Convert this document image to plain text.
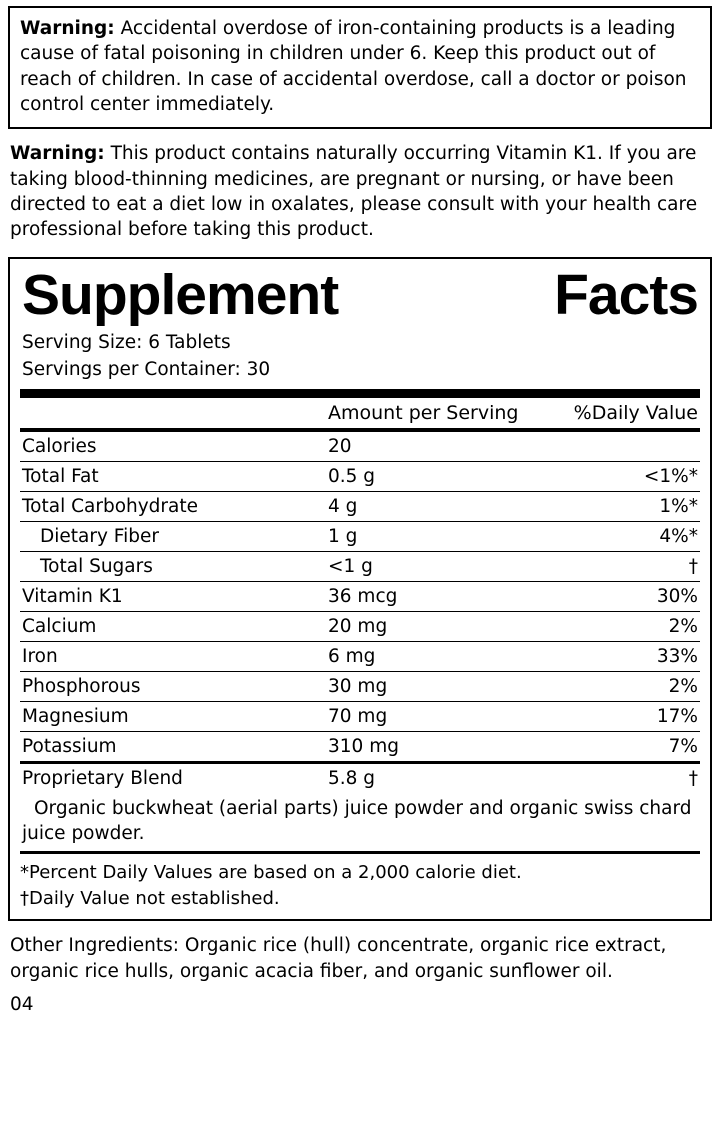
Warning: Accidental overdose of iron-containing products is a leading cause of fatal poisoning in children under 6. Keep this product out of reach of children. In case of accidental overdose, call a doctor or poison control center immediately.
Warning: This product contains naturally occurring Vitamin K1. If you are taking blood-thinning medicines, are pregnant or nursing, or have been directed to eat a diet low in oxalates, please consult with your health care professional before taking this product.
Supplement	Facts
Serving Size: 6 Tablets
Servings per Container: 30
	Amount per Serving	%Daily Value
Calories	20	
Total Fat	0.5 g	<1%*
Total Carbohydrate	4 g	1%*
Dietary Fiber	1 g	4%*
Total Sugars	<1 g	†
Vitamin K1	36 mcg	30%
Calcium	20 mg	2%
Iron	6 mg	33%
Phosphorous	30 mg	2%
Magnesium	70 mg	17%
Potassium	310 mg	7%
Proprietary Blend	5.8 g	†
Organic buckwheat (aerial parts) juice powder and organic swiss chard juice powder.		
*Percent Daily Values are based on a 2,000 calorie diet.
†Daily Value not established.
Other Ingredients: Organic rice (hull) concentrate, organic rice extract, organic rice hulls, organic acacia fiber, and organic sunflower oil.
04
